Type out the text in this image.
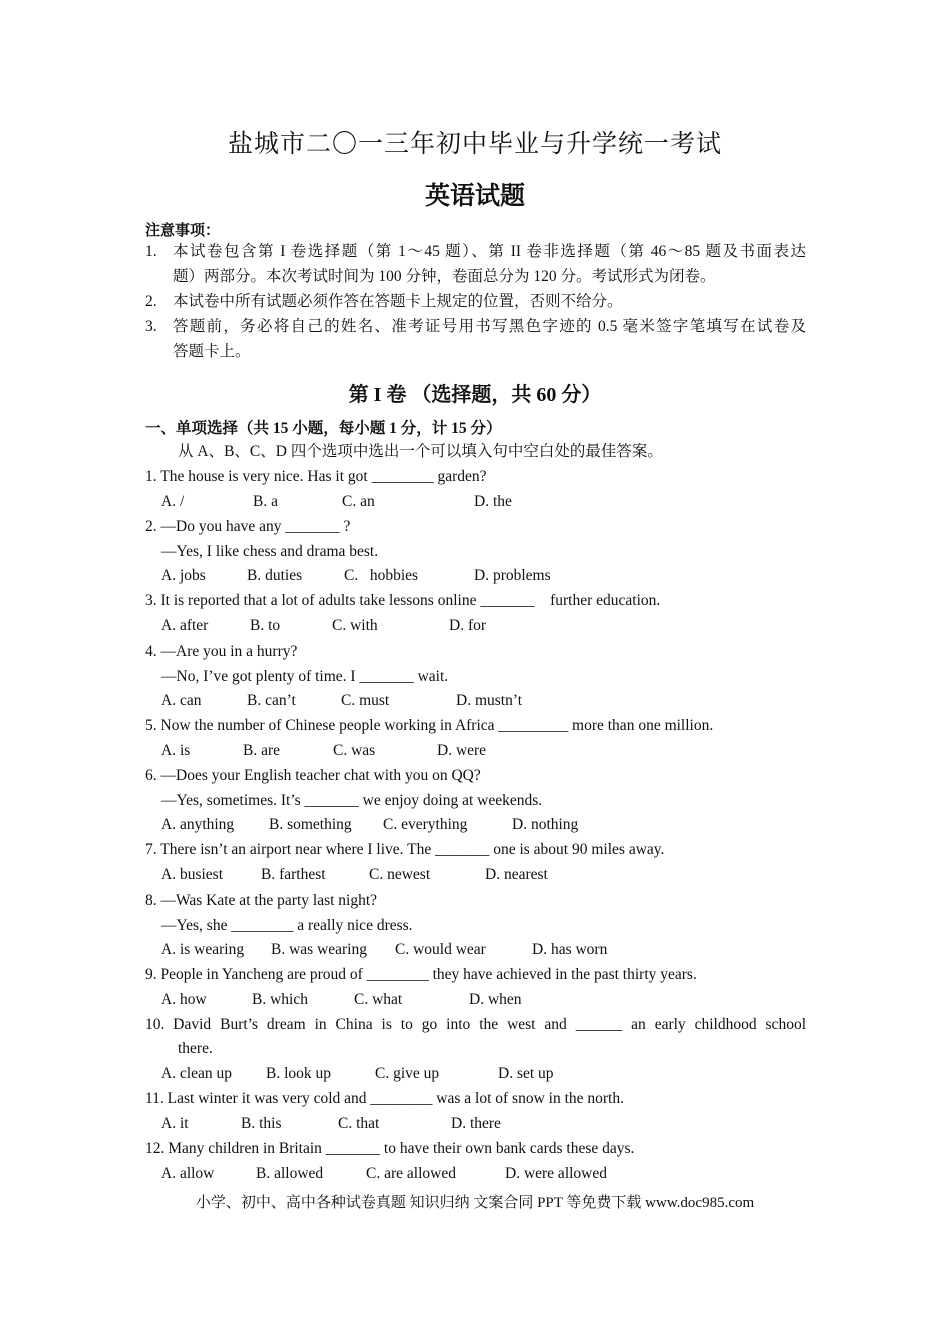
盐城市二〇一三年初中毕业与升学统一考试
英语试题
注意事项：
1. 本试卷包含第 I 卷选择题（第 1～45 题）、第 II 卷非选择题（第 46～85 题及书面表达
题）两部分。本次考试时间为 100 分钟，卷面总分为 120 分。考试形式为闭卷。
2. 本试卷中所有试题必须作答在答题卡上规定的位置，否则不给分。
3. 答题前，务必将自己的姓名、准考证号用书写黑色字迹的 0.5 毫米签字笔填写在试卷及
答题卡上。
第 I 卷 （选择题，共 60 分）
一、单项选择（共 15 小题，每小题 1 分，计 15 分）
从 A、B、C、D 四个选项中选出一个可以填入句中空白处的最佳答案。
1. The house is very nice. Has it got ________ garden?
A. /	B. a	C. an	D. the
2. —Do you have any _______ ?
—Yes, I like chess and drama best.
A. jobs	B. duties	C.   hobbies	D. problems
3. It is reported that a lot of adults take lessons online _______    further education.
A. after	B. to	C. with	D. for
4. —Are you in a hurry?
—No, I’ve got plenty of time. I _______ wait.
A. can	B. can’t	C. must	D. mustn’t
5. Now the number of Chinese people working in Africa _________ more than one million.
A. is	B. are	C. was	D. were
6. —Does your English teacher chat with you on QQ?
—Yes, sometimes. It’s _______ we enjoy doing at weekends.
A. anything B. something C. everything	D. nothing
7. There isn’t an airport near where I live. The _______ one is about 90 miles away.
A. busiest B. farthest	C. newest	D. nearest
8. —Was Kate at the party last night?
—Yes, she ________ a really nice dress.
A. is wearing B. was wearing C. would wear	D. has worn
9. People in Yancheng are proud of ________ they have achieved in the past thirty years.
A. how	B. which	C. what	D. when
10. David Burt’s dream in China is to go into the west and ______ an early childhood school
there.
A. clean up B. look up	C. give up	D. set up
11. Last winter it was very cold and ________ was a lot of snow in the north.
A. it	B. this	C. that	D. there
12. Many children in Britain _______ to have their own bank cards these days.
A. allow	B. allowed	C. are allowed	D. were allowed
小学、初中、高中各种试卷真题 知识归纳 文案合同 PPT 等免费下载 www.doc985.com
